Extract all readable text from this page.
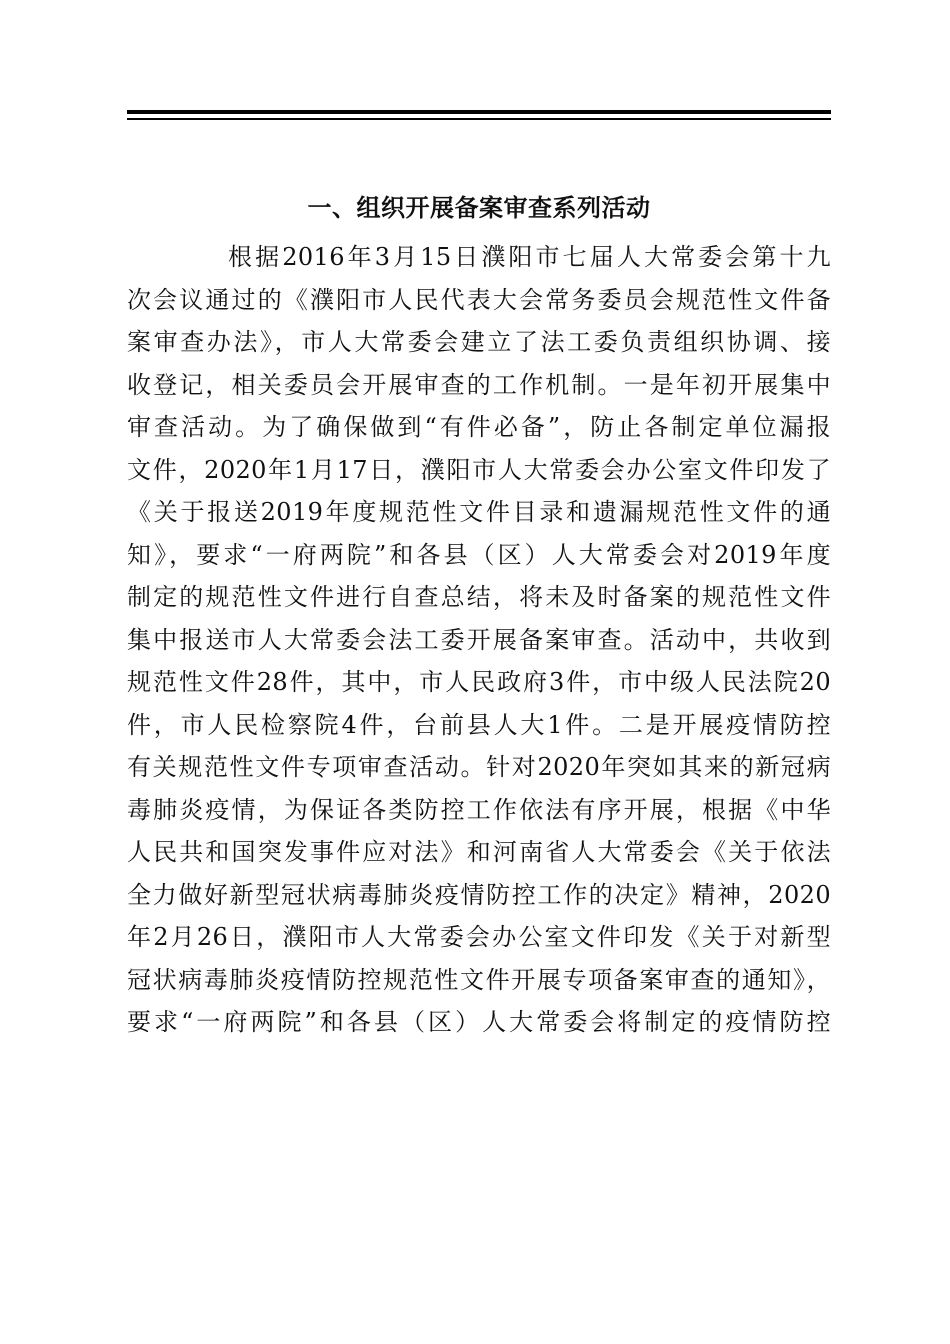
一、组织开展备案审查系列活动
根据2016年3月15日濮阳市七届人大常委会第十九
次会议通过的《濮阳市人民代表大会常务委员会规范性文件备
案审查办法》，市人大常委会建立了法工委负责组织协调、接
收登记，相关委员会开展审查的工作机制。一是年初开展集中
审查活动。为了确保做到“有件必备”，防止各制定单位漏报
文件，2020年1月17日，濮阳市人大常委会办公室文件印发了
《关于报送2019年度规范性文件目录和遗漏规范性文件的通
知》，要求“一府两院”和各县（区）人大常委会对2019年度
制定的规范性文件进行自查总结，将未及时备案的规范性文件
集中报送市人大常委会法工委开展备案审查。活动中，共收到
规范性文件28件，其中，市人民政府3件，市中级人民法院20
件，市人民检察院4件，台前县人大1件。二是开展疫情防控
有关规范性文件专项审查活动。针对2020年突如其来的新冠病
毒肺炎疫情，为保证各类防控工作依法有序开展，根据《中华
人民共和国突发事件应对法》和河南省人大常委会《关于依法
全力做好新型冠状病毒肺炎疫情防控工作的决定》精神，2020
年2月26日，濮阳市人大常委会办公室文件印发《关于对新型
冠状病毒肺炎疫情防控规范性文件开展专项备案审查的通知》，
要求“一府两院”和各县（区）人大常委会将制定的疫情防控
